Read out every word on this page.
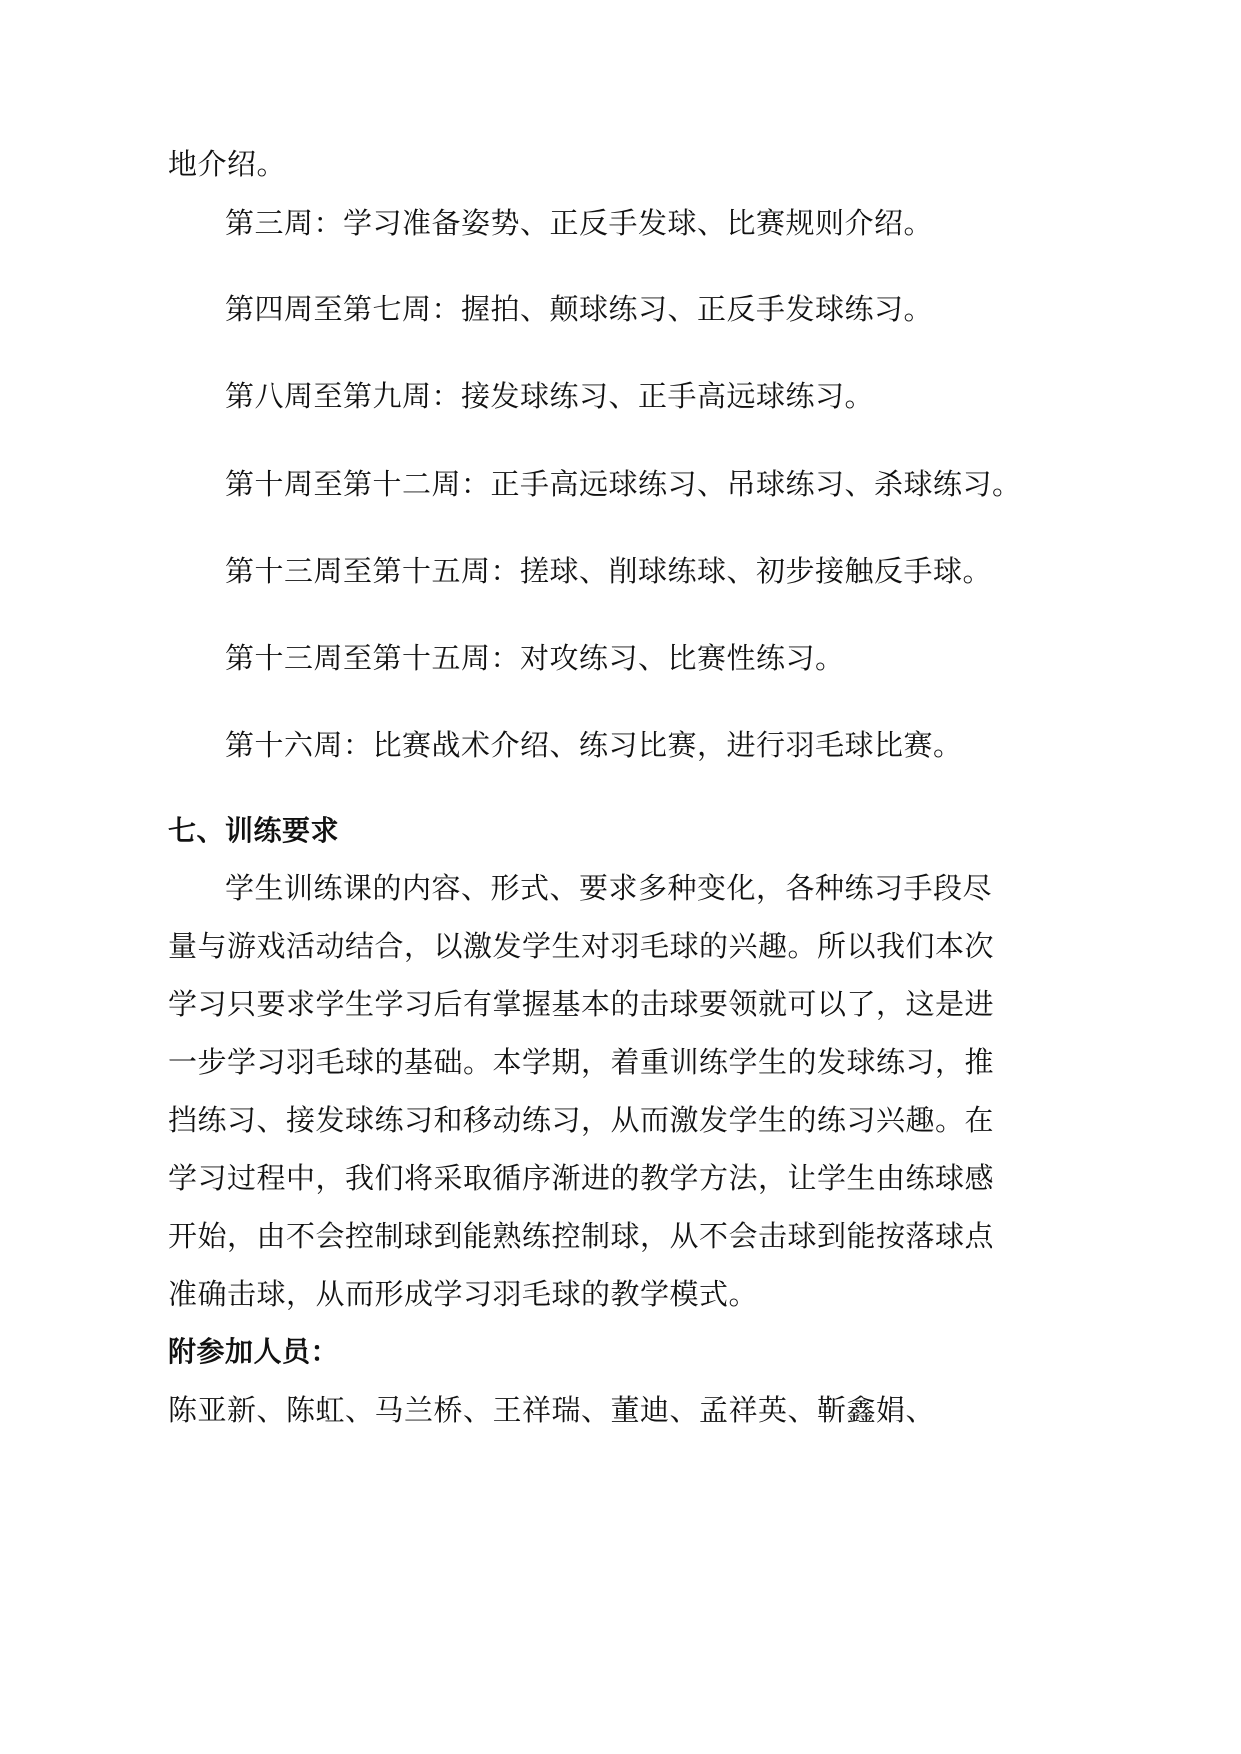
地介绍。
第三周：学习准备姿势、正反手发球、比赛规则介绍。
第四周至第七周：握拍、颠球练习、正反手发球练习。
第八周至第九周：接发球练习、正手高远球练习。
第十周至第十二周：正手高远球练习、吊球练习、杀球练习。
第十三周至第十五周：搓球、削球练球、初步接触反手球。
第十三周至第十五周：对攻练习、比赛性练习。
第十六周：比赛战术介绍、练习比赛，进行羽毛球比赛。
七、训练要求
学生训练课的内容、形式、要求多种变化，各种练习手段尽
量与游戏活动结合，以激发学生对羽毛球的兴趣。所以我们本次
学习只要求学生学习后有掌握基本的击球要领就可以了，这是进
一步学习羽毛球的基础。本学期，着重训练学生的发球练习，推
挡练习、接发球练习和移动练习，从而激发学生的练习兴趣。在
学习过程中，我们将采取循序渐进的教学方法，让学生由练球感
开始，由不会控制球到能熟练控制球，从不会击球到能按落球点
准确击球，从而形成学习羽毛球的教学模式。
附参加人员：
陈亚新、陈虹、马兰桥、王祥瑞、董迪、孟祥英、靳鑫娟、
